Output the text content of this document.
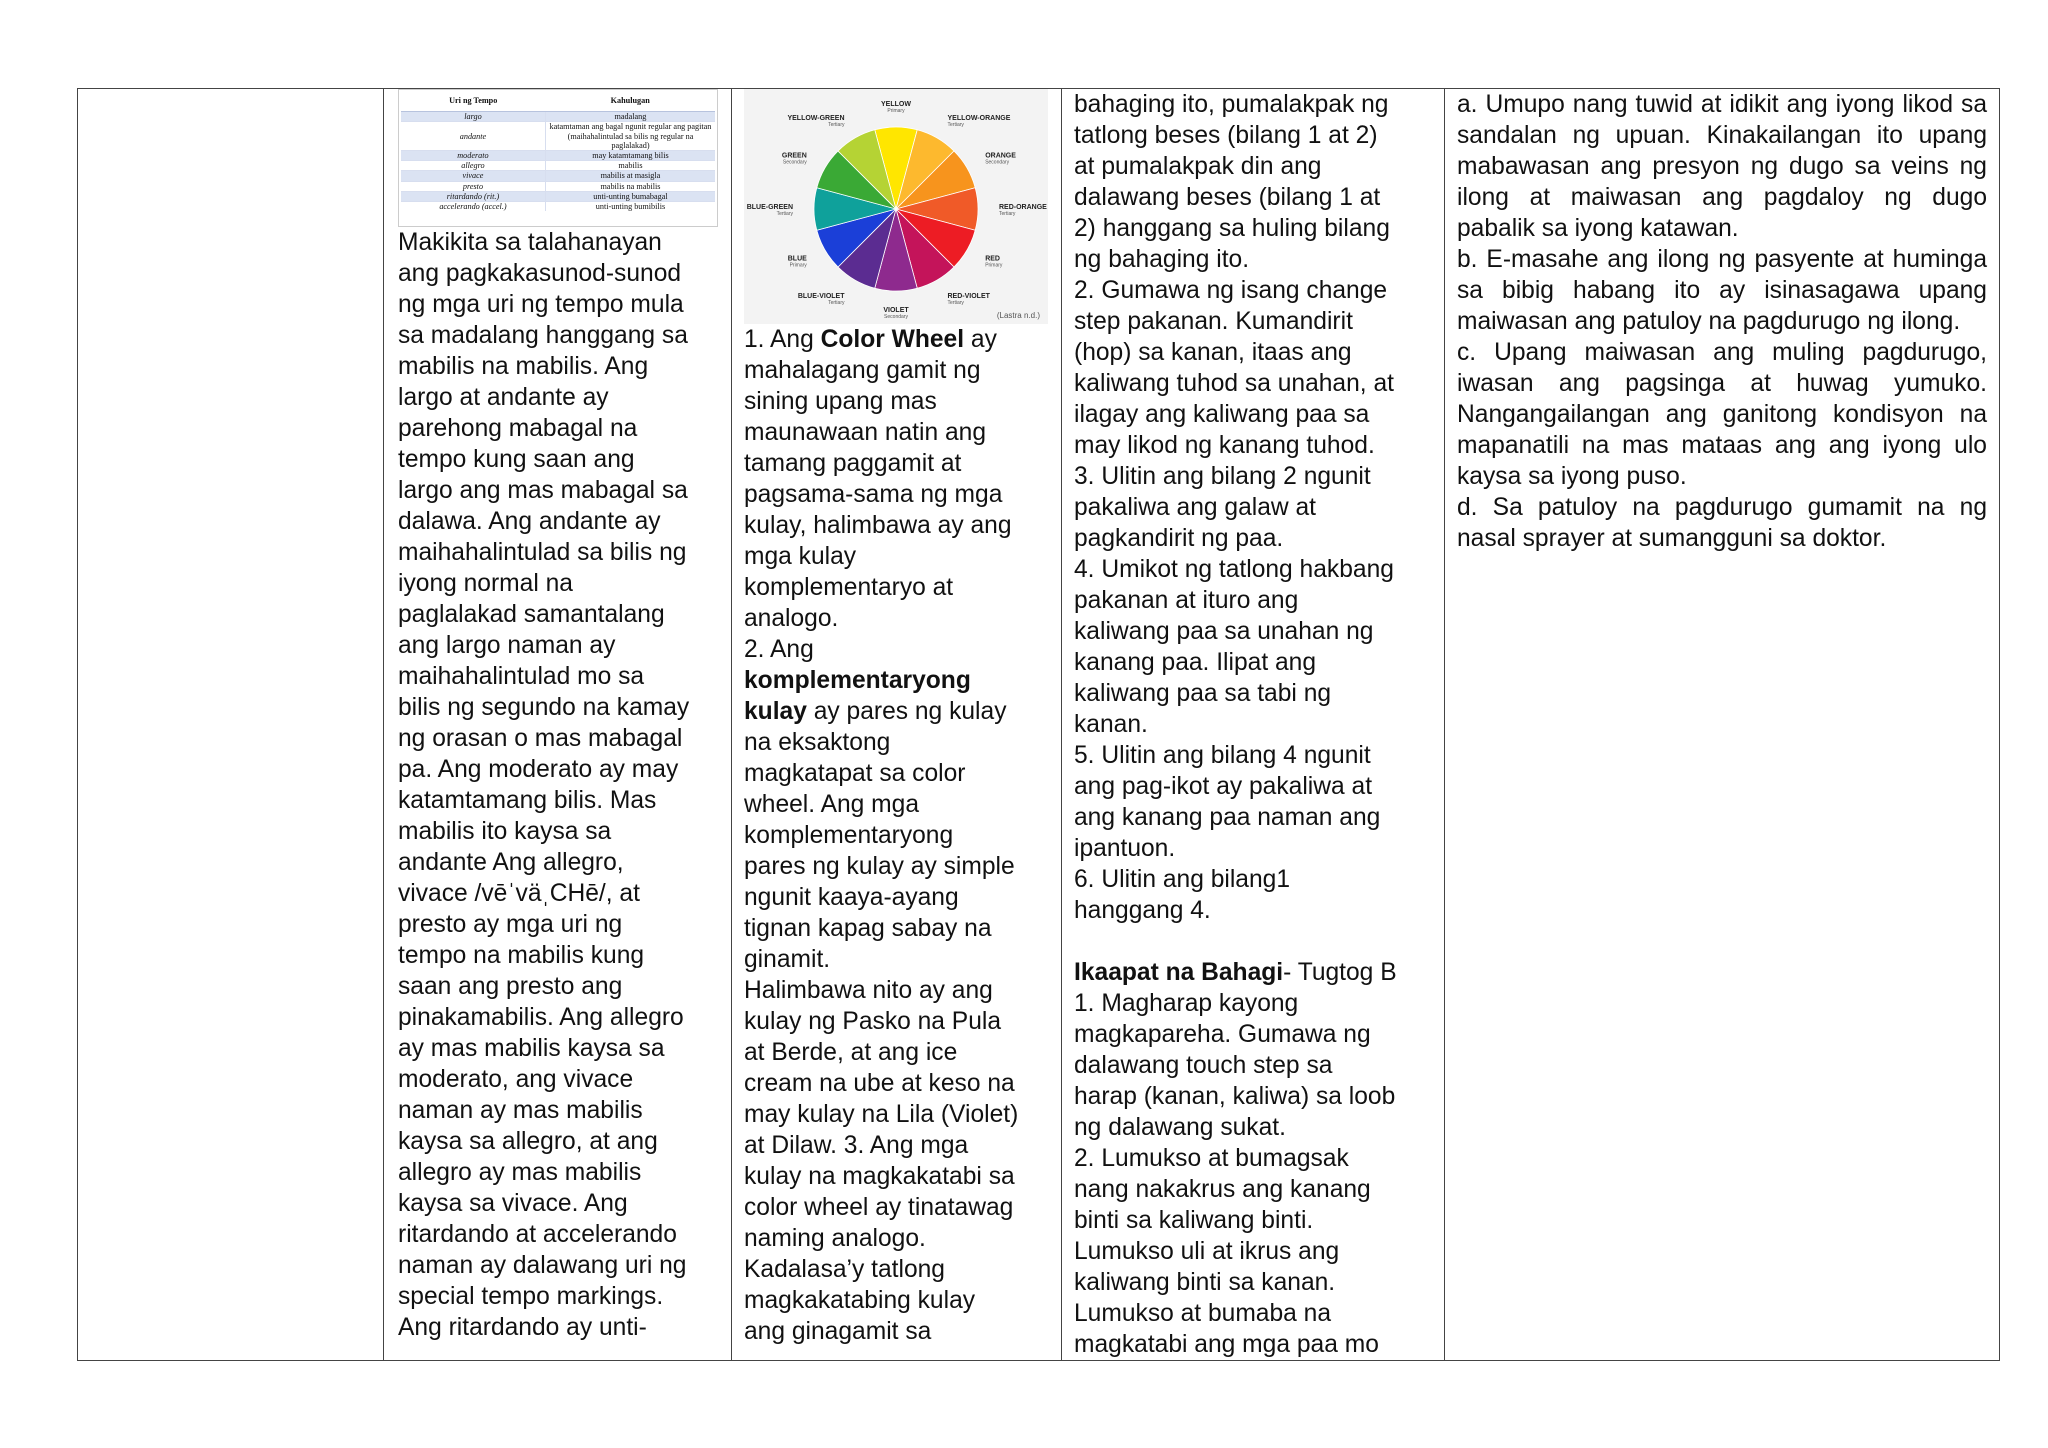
Uri ng Tempo	Kahulugan
largo	madalang
andante	katamtaman ang bagal ngunit regular ang pagitan (maihahalintulad sa bilis ng regular na paglalakad)
moderato	may katamtamang bilis
allegro	mabilis
vivace	mabilis at masigla
presto	mabilis na mabilis
ritardando (rit.)	unti-unting bumabagal
accelerando (accel.)	unti-unting bumibilis

Makikita sa talahanayan
ang pagkakasunod-sunod
ng mga uri ng tempo mula
sa madalang hanggang sa
mabilis na mabilis. Ang
largo at andante ay
parehong mabagal na
tempo kung saan ang
largo ang mas mabagal sa
dalawa. Ang andante ay
maihahalintulad sa bilis ng
iyong normal na
paglalakad samantalang
ang largo naman ay
maihahalintulad mo sa
bilis ng segundo na kamay
ng orasan o mas mabagal
pa. Ang moderato ay may
katamtamang bilis. Mas
mabilis ito kaysa sa
andante Ang allegro,
vivace /vēˈväˌCHē/, at
presto ay mga uri ng
tempo na mabilis kung
saan ang presto ang
pinakamabilis. Ang allegro
ay mas mabilis kaysa sa
moderato, ang vivace
naman ay mas mabilis
kaysa sa allegro, at ang
allegro ay mas mabilis
kaysa sa vivace. Ang
ritardando at accelerando
naman ay dalawang uri ng
special tempo markings.
Ang ritardando ay unti-

YELLOW
Primary
YELLOW-ORANGE
Tertiary
ORANGE
Secondary
RED-ORANGE
Tertiary
RED
Primary
RED-VIOLET
Tertiary
VIOLET
Secondary
BLUE-VIOLET
Tertiary
BLUE
Primary
BLUE-GREEN
Tertiary
GREEN
Secondary
YELLOW-GREEN
Tertiary
(Lastra n.d.)

1. Ang Color Wheel ay
mahalagang gamit ng
sining upang mas
maunawaan natin ang
tamang paggamit at
pagsama-sama ng mga
kulay, halimbawa ay ang
mga kulay
komplementaryo at
analogo.
2. Ang
komplementaryong
kulay ay pares ng kulay
na eksaktong
magkatapat sa color
wheel. Ang mga
komplementaryong
pares ng kulay ay simple
ngunit kaaya-ayang
tignan kapag sabay na
ginamit.
Halimbawa nito ay ang
kulay ng Pasko na Pula
at Berde, at ang ice
cream na ube at keso na
may kulay na Lila (Violet)
at Dilaw. 3. Ang mga
kulay na magkakatabi sa
color wheel ay tinatawag
naming analogo.
Kadalasa’y tatlong
magkakatabing kulay
ang ginagamit sa

bahaging ito, pumalakpak ng
tatlong beses (bilang 1 at 2)
at pumalakpak din ang
dalawang beses (bilang 1 at
2) hanggang sa huling bilang
ng bahaging ito.
2. Gumawa ng isang change
step pakanan. Kumandirit
(hop) sa kanan, itaas ang
kaliwang tuhod sa unahan, at
ilagay ang kaliwang paa sa
may likod ng kanang tuhod.
3. Ulitin ang bilang 2 ngunit
pakaliwa ang galaw at
pagkandirit ng paa.
4. Umikot ng tatlong hakbang
pakanan at ituro ang
kaliwang paa sa unahan ng
kanang paa. Ilipat ang
kaliwang paa sa tabi ng
kanan.
5. Ulitin ang bilang 4 ngunit
ang pag-ikot ay pakaliwa at
ang kanang paa naman ang
ipantuon.
6. Ulitin ang bilang1
hanggang 4.

Ikaapat na Bahagi- Tugtog B
1. Magharap kayong
magkapareha. Gumawa ng
dalawang touch step sa
harap (kanan, kaliwa) sa loob
ng dalawang sukat.
2. Lumukso at bumagsak
nang nakakrus ang kanang
binti sa kaliwang binti.
Lumukso uli at ikrus ang
kaliwang binti sa kanan.
Lumukso at bumaba na
magkatabi ang mga paa mo

a. Umupo nang tuwid at idikit ang iyong likod sa sandalan ng upuan. Kinakailangan ito upang mabawasan ang presyon ng dugo sa veins ng ilong at maiwasan ang pagdaloy ng dugo pabalik sa iyong katawan.
b. E-masahe ang ilong ng pasyente at huminga sa bibig habang ito ay isinasagawa upang maiwasan ang patuloy na pagdurugo ng ilong.
c. Upang maiwasan ang muling pagdurugo, iwasan ang pagsinga at huwag yumuko. Nangangailangan ang ganitong kondisyon na mapanatili na mas mataas ang ang iyong ulo kaysa sa iyong puso.
d. Sa patuloy na pagdurugo gumamit na ng nasal sprayer at sumangguni sa doktor.
